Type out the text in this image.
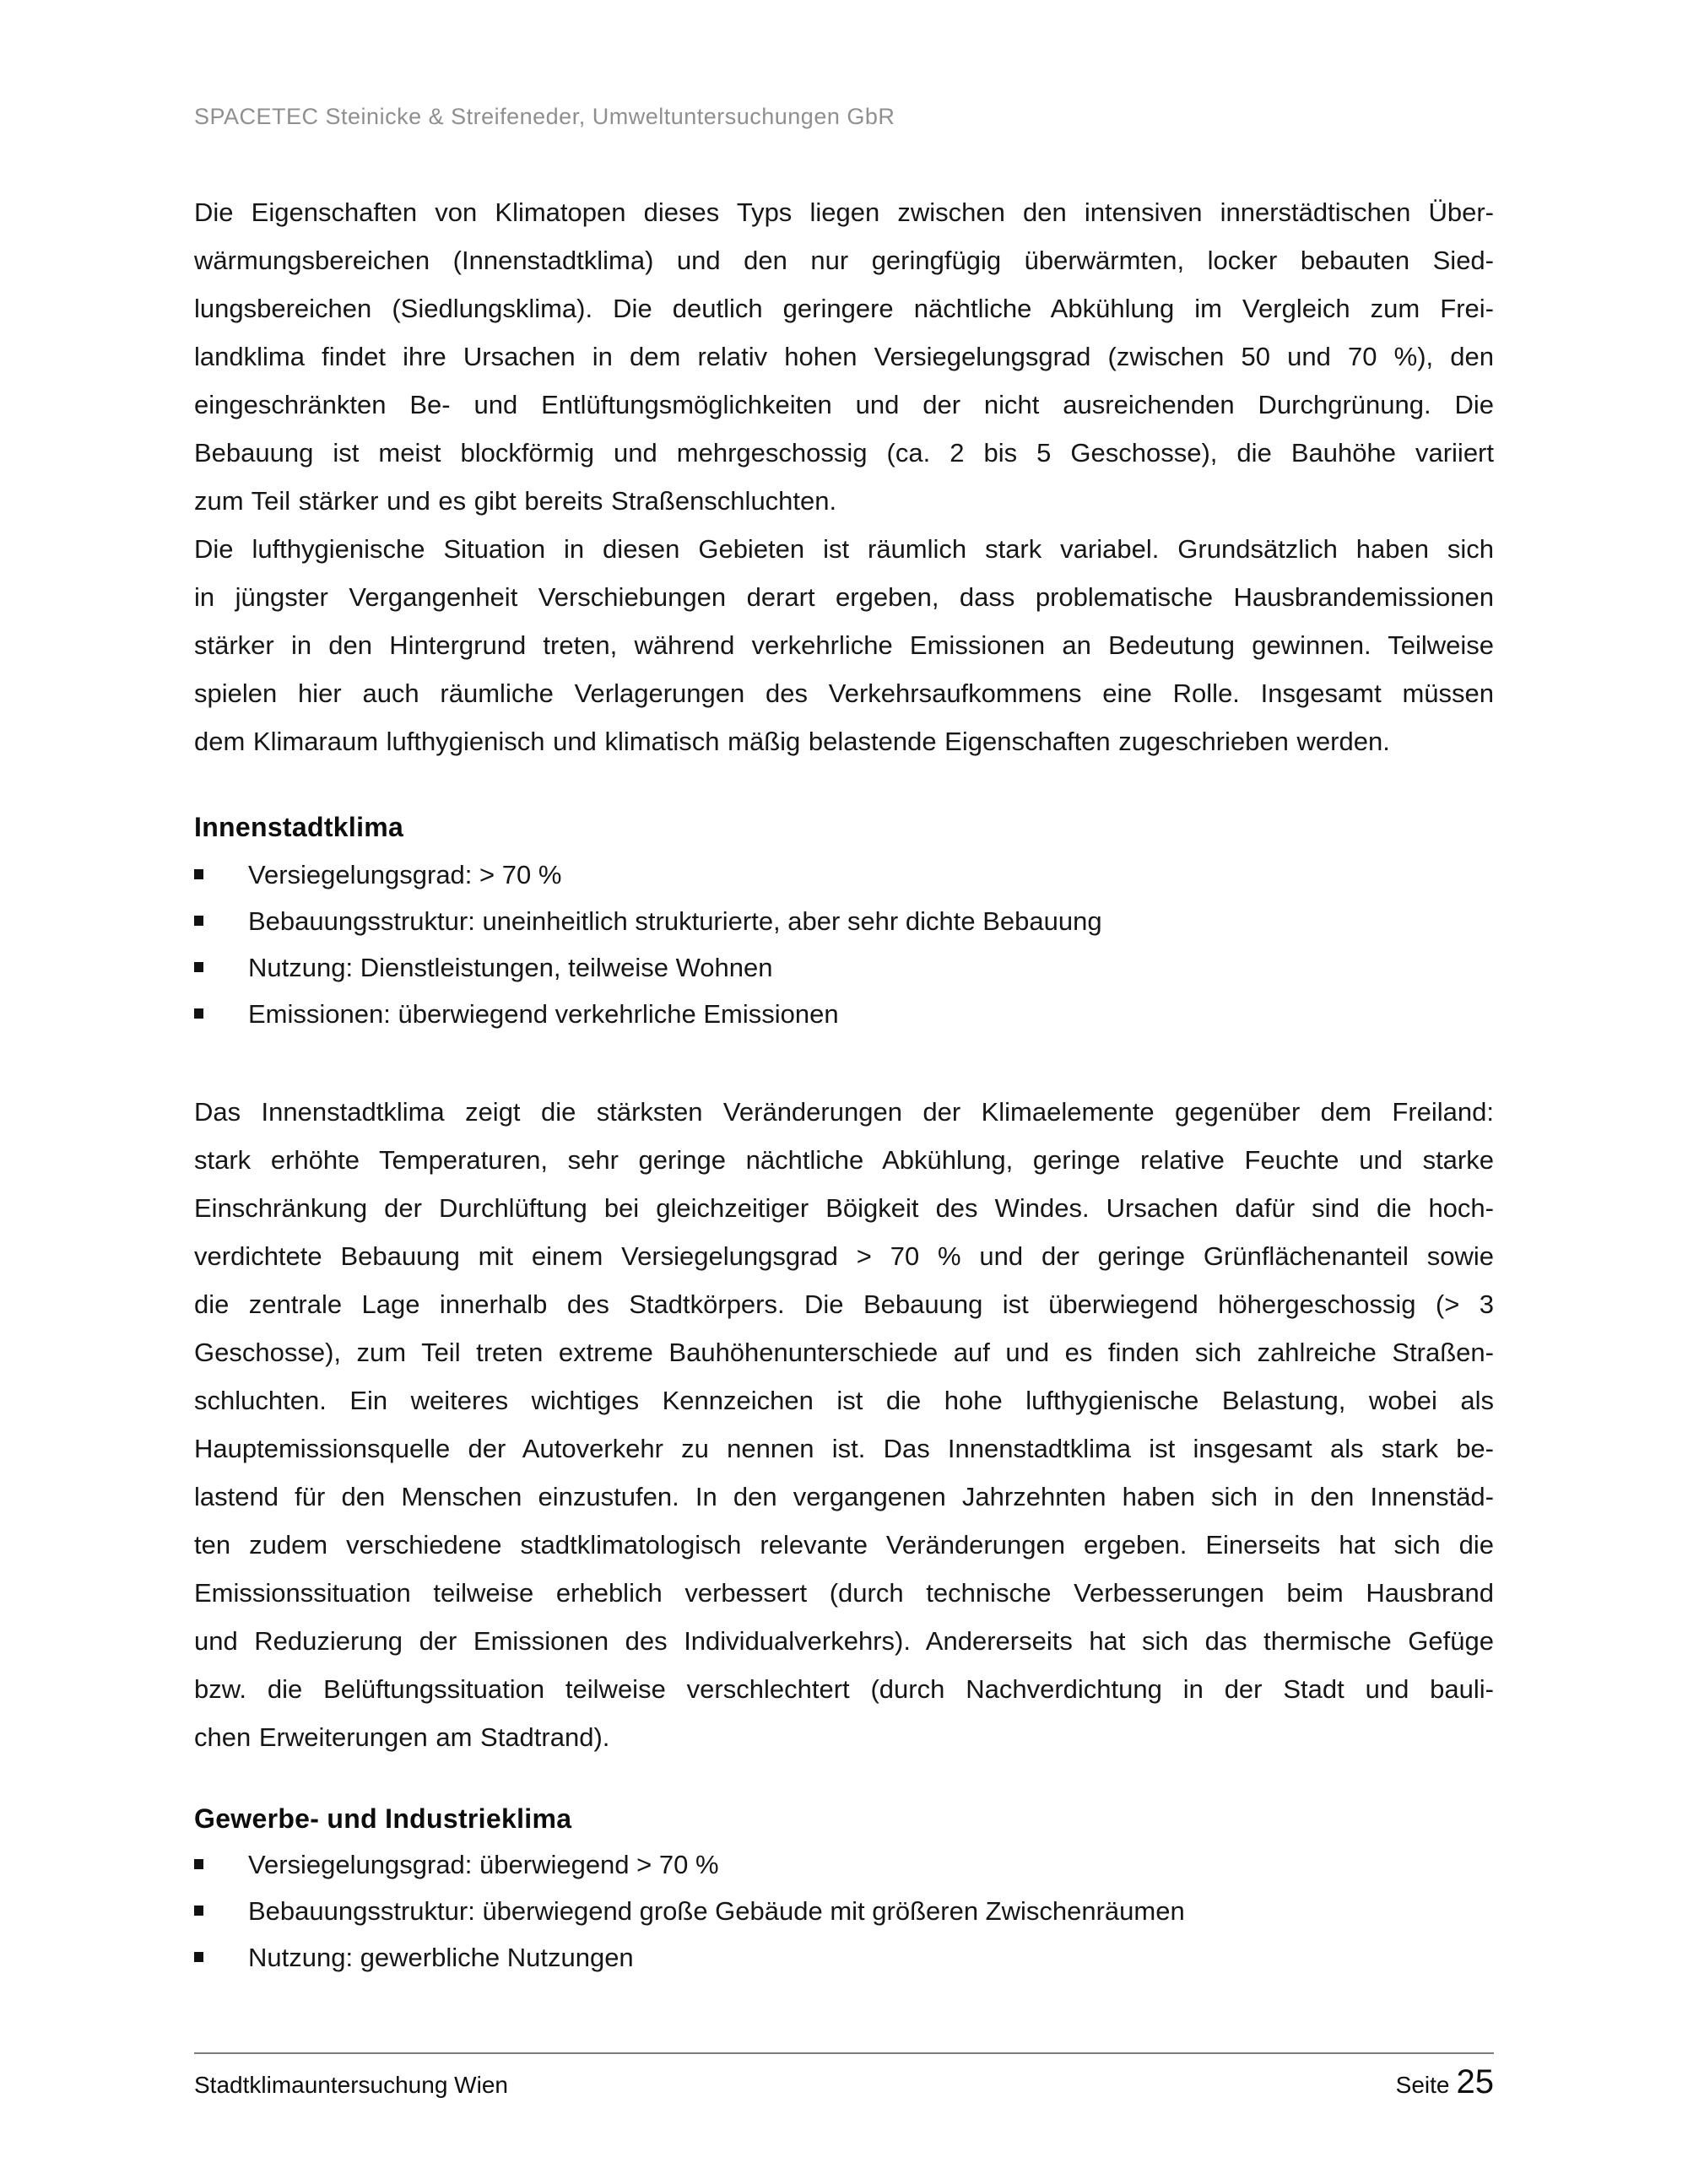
SPACETEC Steinicke & Streifeneder, Umweltuntersuchungen GbR
Die Eigenschaften von Klimatopen dieses Typs liegen zwischen den intensiven innerstädtischen Über-
wärmungsbereichen (Innenstadtklima) und den nur geringfügig überwärmten, locker bebauten Sied-
lungsbereichen (Siedlungsklima). Die deutlich geringere nächtliche Abkühlung im Vergleich zum Frei-
landklima findet ihre Ursachen in dem relativ hohen Versiegelungsgrad (zwischen 50 und 70 %), den
eingeschränkten Be- und Entlüftungsmöglichkeiten und der nicht ausreichenden Durchgrünung. Die
Bebauung ist meist blockförmig und mehrgeschossig (ca. 2 bis 5 Geschosse), die Bauhöhe variiert
zum Teil stärker und es gibt bereits Straßenschluchten.
Die lufthygienische Situation in diesen Gebieten ist räumlich stark variabel. Grundsätzlich haben sich
in jüngster Vergangenheit Verschiebungen derart ergeben, dass problematische Hausbrandemissionen
stärker in den Hintergrund treten, während verkehrliche Emissionen an Bedeutung gewinnen. Teilweise
spielen hier auch räumliche Verlagerungen des Verkehrsaufkommens eine Rolle. Insgesamt müssen
dem Klimaraum lufthygienisch und klimatisch mäßig belastende Eigenschaften zugeschrieben werden.
Innenstadtklima
Versiegelungsgrad: > 70 %
Bebauungsstruktur: uneinheitlich strukturierte, aber sehr dichte Bebauung
Nutzung: Dienstleistungen, teilweise Wohnen
Emissionen: überwiegend verkehrliche Emissionen
Das Innenstadtklima zeigt die stärksten Veränderungen der Klimaelemente gegenüber dem Freiland:
stark erhöhte Temperaturen, sehr geringe nächtliche Abkühlung, geringe relative Feuchte und starke
Einschränkung der Durchlüftung bei gleichzeitiger Böigkeit des Windes. Ursachen dafür sind die hoch-
verdichtete Bebauung mit einem Versiegelungsgrad > 70 % und der geringe Grünflächenanteil sowie
die zentrale Lage innerhalb des Stadtkörpers. Die Bebauung ist überwiegend höhergeschossig (> 3
Geschosse), zum Teil treten extreme Bauhöhenunterschiede auf und es finden sich zahlreiche Straßen-
schluchten. Ein weiteres wichtiges Kennzeichen ist die hohe lufthygienische Belastung, wobei als
Hauptemissionsquelle der Autoverkehr zu nennen ist. Das Innenstadtklima ist insgesamt als stark be-
lastend für den Menschen einzustufen. In den vergangenen Jahrzehnten haben sich in den Innenstäd-
ten zudem verschiedene stadtklimatologisch relevante Veränderungen ergeben. Einerseits hat sich die
Emissionssituation teilweise erheblich verbessert (durch technische Verbesserungen beim Hausbrand
und Reduzierung der Emissionen des Individualverkehrs). Andererseits hat sich das thermische Gefüge
bzw. die Belüftungssituation teilweise verschlechtert (durch Nachverdichtung in der Stadt und bauli-
chen Erweiterungen am Stadtrand).
Gewerbe- und Industrieklima
Versiegelungsgrad: überwiegend > 70 %
Bebauungsstruktur: überwiegend große Gebäude mit größeren Zwischenräumen
Nutzung: gewerbliche Nutzungen
Stadtklimauntersuchung Wien	Seite 25
